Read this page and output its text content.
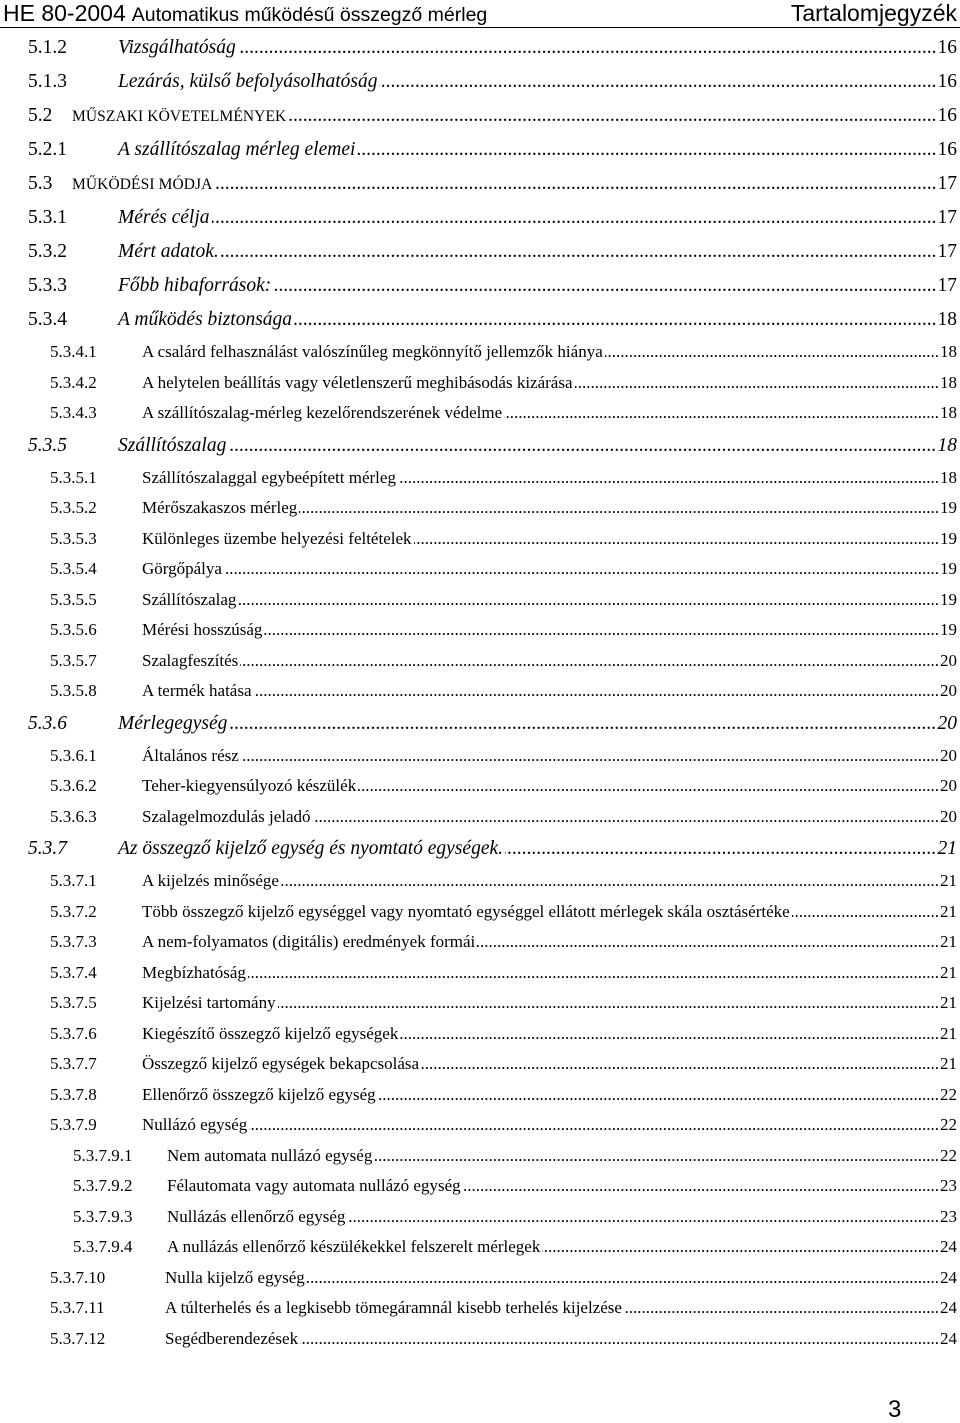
HE 80-2004 Automatikus működésű összegző mérleg	Tartalomjegyzék
5.1.2	Vizsgálhatóság .....	16
5.1.3	Lezárás, külső befolyásolhatóság .....	16
5.2	MŰSZAKI KÖVETELMÉNYEK .....	16
5.2.1	A szállítószalag mérleg elemei .....	16
5.3	MŰKÖDÉSI MÓDJA .....	17
5.3.1	Mérés célja .....	17
5.3.2	Mért adatok. .....	17
5.3.3	Főbb hibaforrások: .....	17
5.3.4	A működés biztonsága .....	18
5.3.4.1	A csalárd felhasználást valószínűleg megkönnyítő jellemzők hiánya .....	18
5.3.4.2	A helytelen beállítás vagy véletlenszerű meghibásodás kizárása .....	18
5.3.4.3	A szállítószalag-mérleg kezelőrendszerének védelme .....	18
5.3.5	Szállítószalag .....	18
5.3.5.1	Szállítószalaggal egybeépített mérleg .....	18
5.3.5.2	Mérőszakaszos mérleg .....	19
5.3.5.3	Különleges üzembe helyezési feltételek .....	19
5.3.5.4	Görgőpálya .....	19
5.3.5.5	Szállítószalag .....	19
5.3.5.6	Mérési hosszúság .....	19
5.3.5.7	Szalagfeszítés .....	20
5.3.5.8	A termék hatása .....	20
5.3.6	Mérlegegység .....	20
5.3.6.1	Általános rész .....	20
5.3.6.2	Teher-kiegyensúlyozó készülék .....	20
5.3.6.3	Szalagelmozdulás jeladó .....	20
5.3.7	Az összegző kijelző egység és nyomtató egységek. .....	21
5.3.7.1	A kijelzés minősége .....	21
5.3.7.2	Több összegző kijelző egységgel vagy nyomtató egységgel ellátott mérlegek skála osztásértéke .....	21
5.3.7.3	A nem-folyamatos (digitális) eredmények formái .....	21
5.3.7.4	Megbízhatóság .....	21
5.3.7.5	Kijelzési tartomány .....	21
5.3.7.6	Kiegészítő összegző kijelző egységek .....	21
5.3.7.7	Összegző kijelző egységek bekapcsolása .....	21
5.3.7.8	Ellenőrző összegző kijelző egység .....	22
5.3.7.9	Nullázó egység .....	22
5.3.7.9.1	Nem automata nullázó egység .....	22
5.3.7.9.2	Félautomata vagy automata nullázó egység .....	23
5.3.7.9.3	Nullázás ellenőrző egység .....	23
5.3.7.9.4	A nullázás ellenőrző készülékekkel felszerelt mérlegek .....	24
5.3.7.10	Nulla kijelző egység .....	24
5.3.7.11	A túlterhelés és a legkisebb tömegáramnál kisebb terhelés kijelzése .....	24
5.3.7.12	Segédberendezések .....	24
3
